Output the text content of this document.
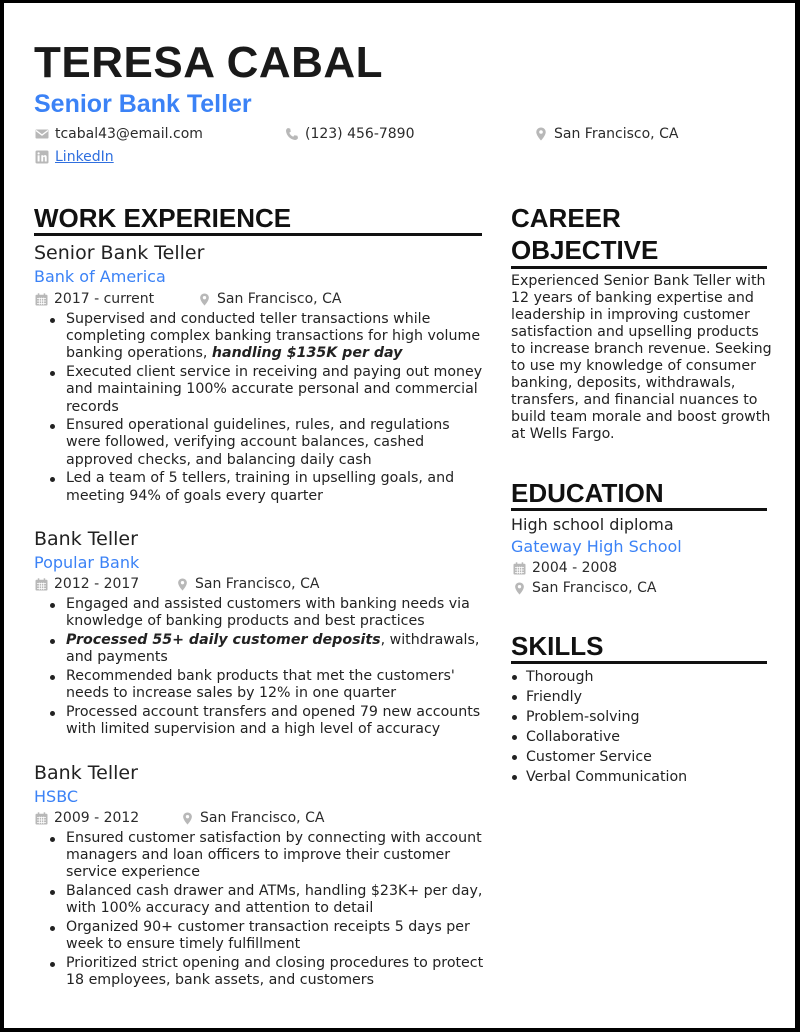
TERESA CABAL
Senior Bank Teller
tcabal43@email.com	(123) 456-7890	San Francisco, CA
LinkedIn
WORK EXPERIENCE
Senior Bank Teller
Bank of America
2017 - current	San Francisco, CA
Supervised and conducted teller transactions while completing complex banking transactions for high volume banking operations, handling $135K per day
Executed client service in receiving and paying out money and maintaining 100% accurate personal and commercial records
Ensured operational guidelines, rules, and regulations were followed, verifying account balances, cashed approved checks, and balancing daily cash
Led a team of 5 tellers, training in upselling goals, and meeting 94% of goals every quarter
Bank Teller
Popular Bank
2012 - 2017	San Francisco, CA
Engaged and assisted customers with banking needs via knowledge of banking products and best practices
Processed 55+ daily customer deposits, withdrawals, and payments
Recommended bank products that met the customers' needs to increase sales by 12% in one quarter
Processed account transfers and opened 79 new accounts with limited supervision and a high level of accuracy
Bank Teller
HSBC
2009 - 2012	San Francisco, CA
Ensured customer satisfaction by connecting with account managers and loan officers to improve their customer service experience
Balanced cash drawer and ATMs, handling $23K+ per day, with 100% accuracy and attention to detail
Organized 90+ customer transaction receipts 5 days per week to ensure timely fulfillment
Prioritized strict opening and closing procedures to protect 18 employees, bank assets, and customers
CAREER
OBJECTIVE
Experienced Senior Bank Teller with 12 years of banking expertise and leadership in improving customer satisfaction and upselling products to increase branch revenue. Seeking to use my knowledge of consumer banking, deposits, withdrawals, transfers, and financial nuances to build team morale and boost growth at Wells Fargo.
EDUCATION
High school diploma
Gateway High School
2004 - 2008
San Francisco, CA
SKILLS
Thorough
Friendly
Problem-solving
Collaborative
Customer Service
Verbal Communication
